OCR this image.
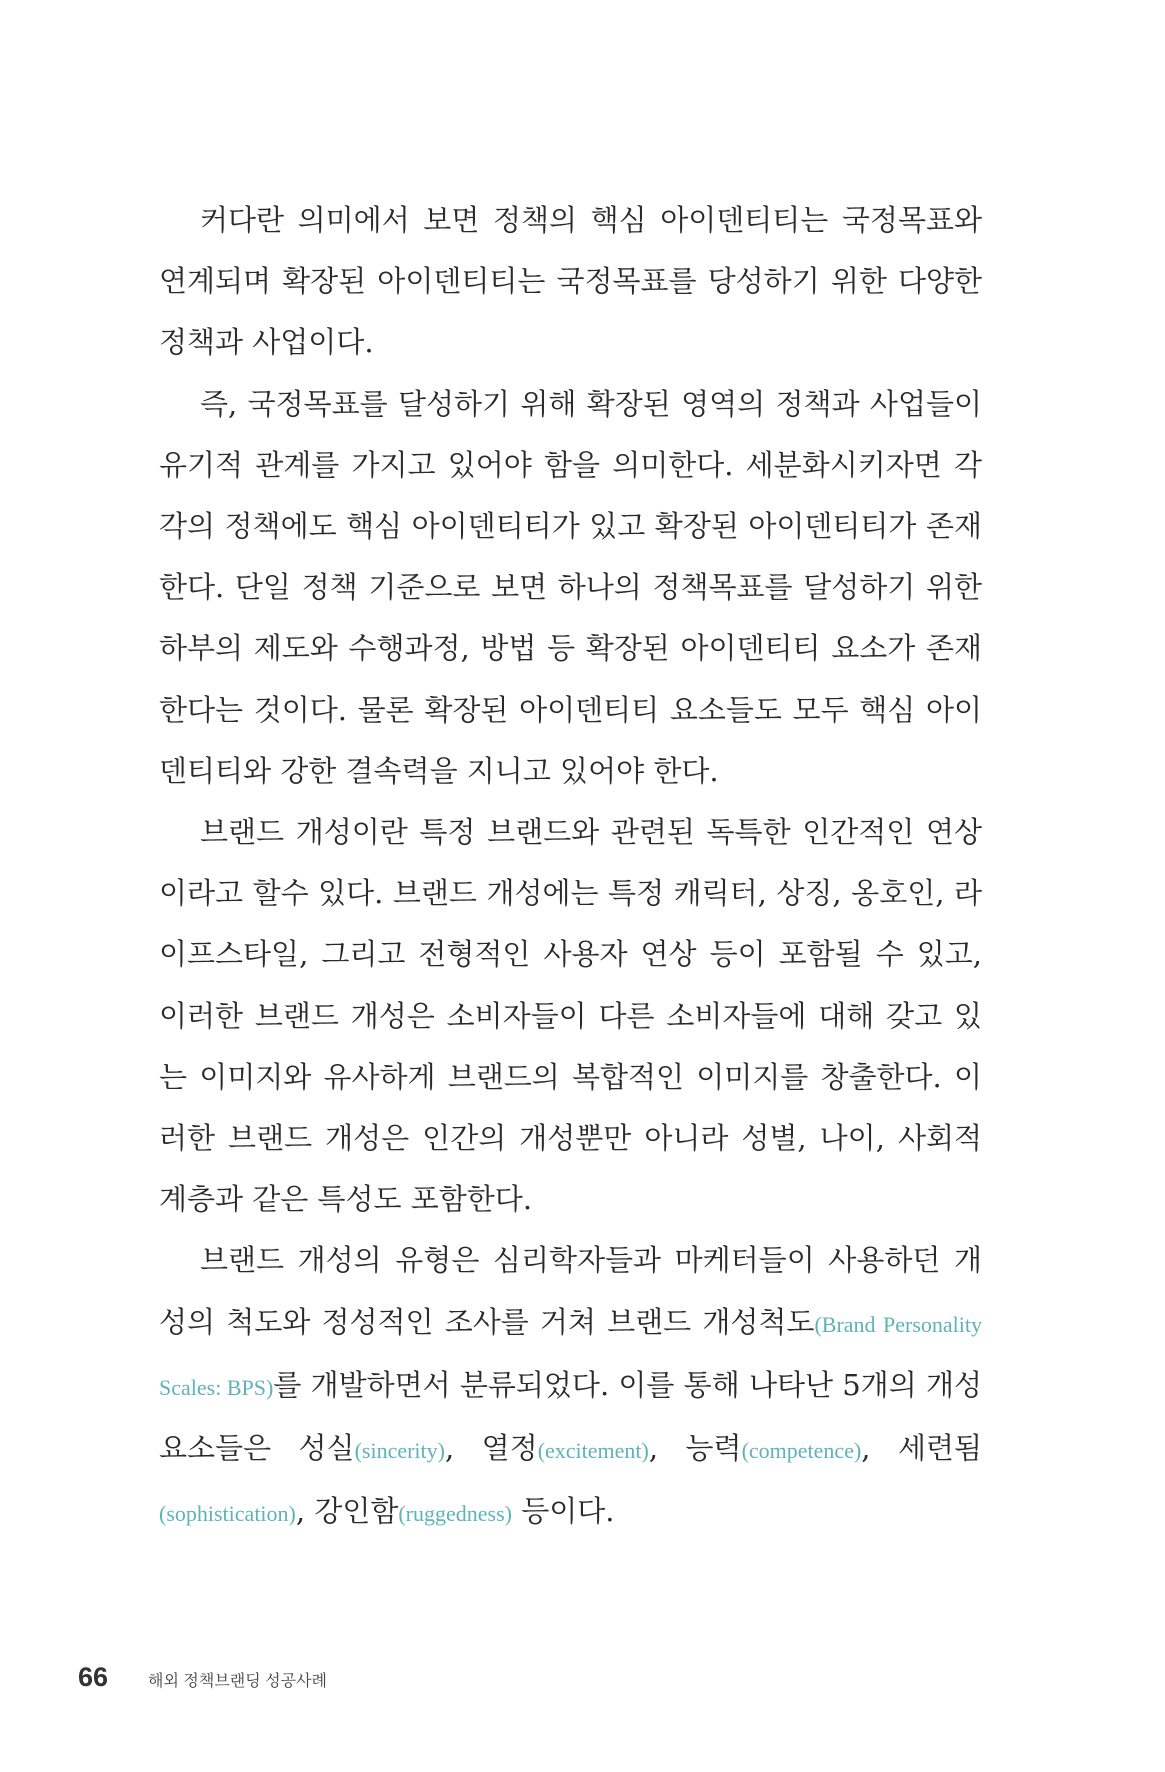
커다란 의미에서 보면 정책의 핵심 아이덴티티는 국정목표와 연계되며 확장된 아이덴티티는 국정목표를 당성하기 위한 다양한 정책과 사업이다.

즉, 국정목표를 달성하기 위해 확장된 영역의 정책과 사업들이 유기적 관계를 가지고 있어야 함을 의미한다. 세분화시키자면 각각의 정책에도 핵심 아이덴티티가 있고 확장된 아이덴티티가 존재한다. 단일 정책 기준으로 보면 하나의 정책목표를 달성하기 위한 하부의 제도와 수행과정, 방법 등 확장된 아이덴티티 요소가 존재한다는 것이다. 물론 확장된 아이덴티티 요소들도 모두 핵심 아이덴티티와 강한 결속력을 지니고 있어야 한다.

브랜드 개성이란 특정 브랜드와 관련된 독특한 인간적인 연상이라고 할수 있다. 브랜드 개성에는 특정 캐릭터, 상징, 옹호인, 라이프스타일, 그리고 전형적인 사용자 연상 등이 포함될 수 있고, 이러한 브랜드 개성은 소비자들이 다른 소비자들에 대해 갖고 있는 이미지와 유사하게 브랜드의 복합적인 이미지를 창출한다. 이러한 브랜드 개성은 인간의 개성뿐만 아니라 성별, 나이, 사회적 계층과 같은 특성도 포함한다.

브랜드 개성의 유형은 심리학자들과 마케터들이 사용하던 개성의 척도와 정성적인 조사를 거쳐 브랜드 개성척도(Brand Personality Scales: BPS)를 개발하면서 분류되었다. 이를 통해 나타난 5개의 개성 요소들은 성실(sincerity), 열정(excitement), 능력(competence), 세련됨(sophistication), 강인함(ruggedness) 등이다.

66	해외 정책브랜딩 성공사례
